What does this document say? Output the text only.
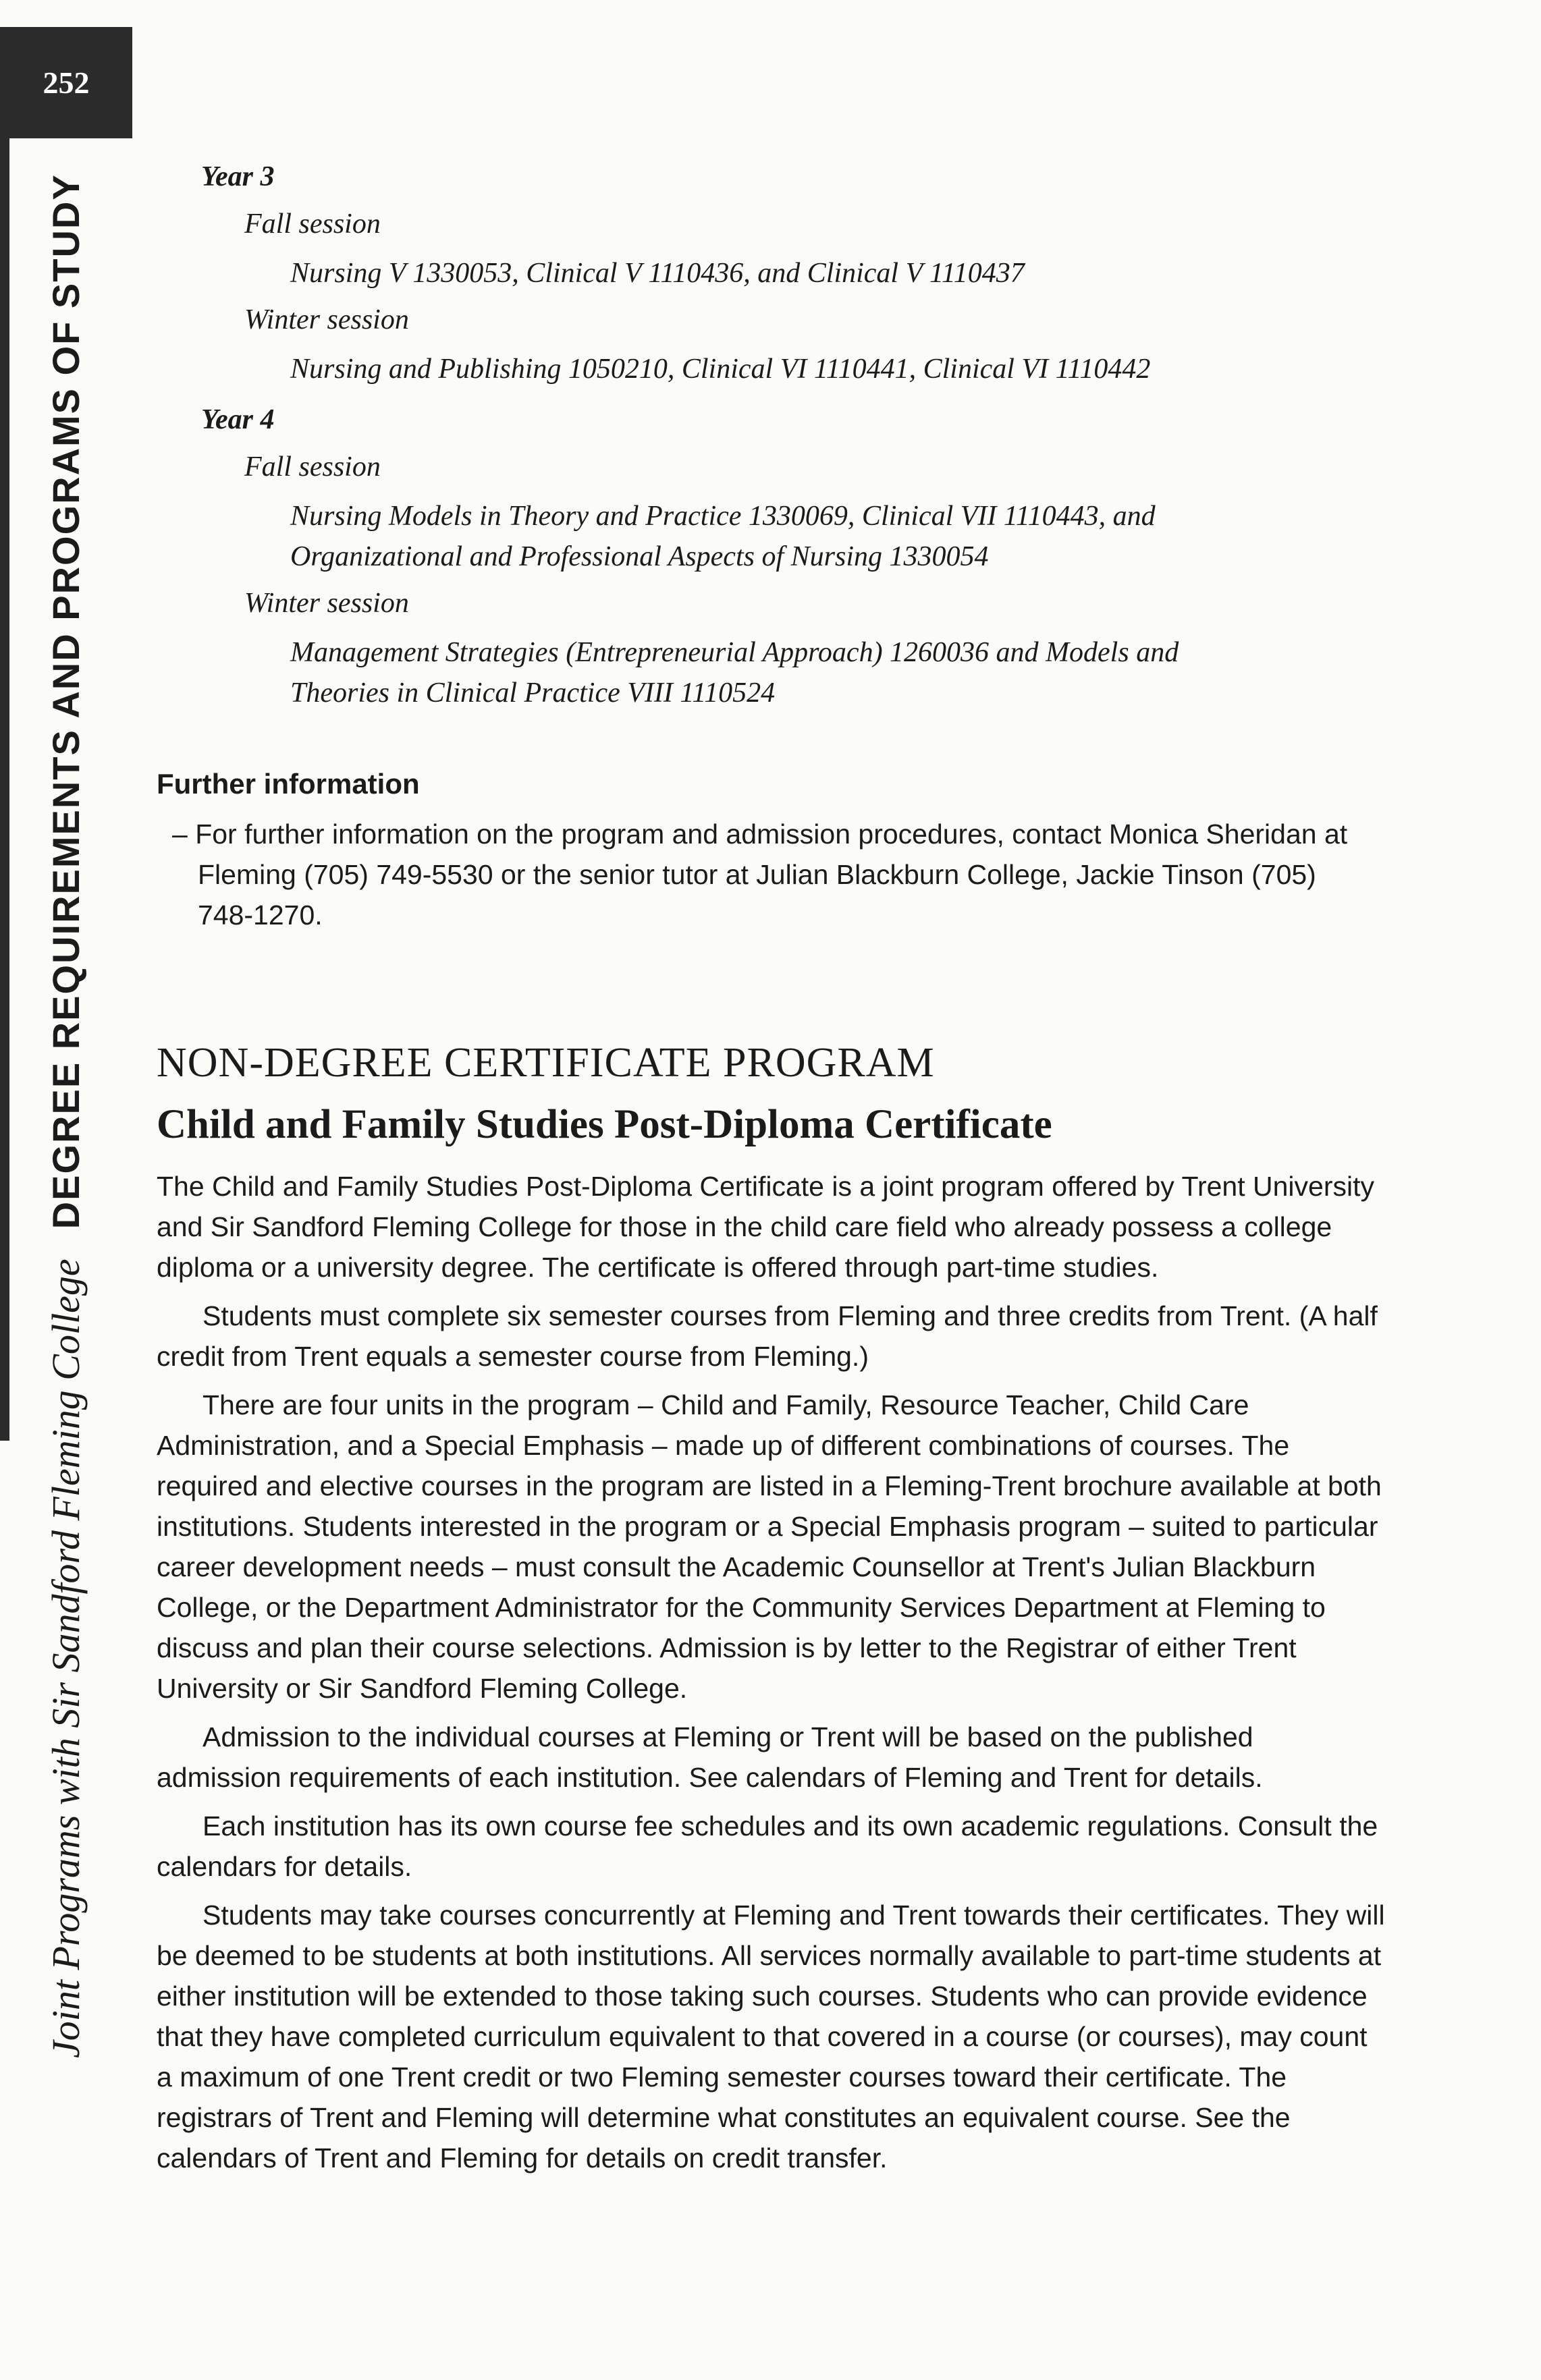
252
Joint Programs with Sir Sandford Fleming College
DEGREE REQUIREMENTS AND PROGRAMS OF STUDY	Year 3
Fall session
Nursing V 1330053, Clinical V 1110436, and Clinical V 1110437
Winter session
Nursing and Publishing 1050210, Clinical VI 1110441, Clinical VI 1110442
Year 4
Fall session
Nursing Models in Theory and Practice 1330069, Clinical VII 1110443, and
Organizational and Professional Aspects of Nursing 1330054
Winter session
Management Strategies (Entrepreneurial Approach) 1260036 and Models and
Theories in Clinical Practice VIII 1110524
Further information
– For further information on the program and admission procedures, contact Monica Sheridan at Fleming (705) 749-5530 or the senior tutor at Julian Blackburn College, Jackie Tinson (705) 748-1270.
NON-DEGREE CERTIFICATE PROGRAM
Child and Family Studies Post-Diploma Certificate

The Child and Family Studies Post-Diploma Certificate is a joint program offered by Trent University and Sir Sandford Fleming College for those in the child care field who already possess a college diploma or a university degree. The certificate is offered through part-time studies.

Students must complete six semester courses from Fleming and three credits from Trent. (A half credit from Trent equals a semester course from Fleming.)

There are four units in the program – Child and Family, Resource Teacher, Child Care Administration, and a Special Emphasis – made up of different combinations of courses. The required and elective courses in the program are listed in a Fleming-Trent brochure available at both institutions. Students interested in the program or a Special Emphasis program – suited to particular career development needs – must consult the Academic Counsellor at Trent's Julian Blackburn College, or the Department Administrator for the Community Services Department at Fleming to discuss and plan their course selections. Admission is by letter to the Registrar of either Trent University or Sir Sandford Fleming College.

Admission to the individual courses at Fleming or Trent will be based on the published admission requirements of each institution. See calendars of Fleming and Trent for details.

Each institution has its own course fee schedules and its own academic regulations. Consult the calendars for details.

Students may take courses concurrently at Fleming and Trent towards their certificates. They will be deemed to be students at both institutions. All services normally available to part-time students at either institution will be extended to those taking such courses. Students who can provide evidence that they have completed curriculum equivalent to that covered in a course (or courses), may count a maximum of one Trent credit or two Fleming semester courses toward their certificate. The registrars of Trent and Fleming will determine what constitutes an equivalent course. See the calendars of Trent and Fleming for details on credit transfer.
